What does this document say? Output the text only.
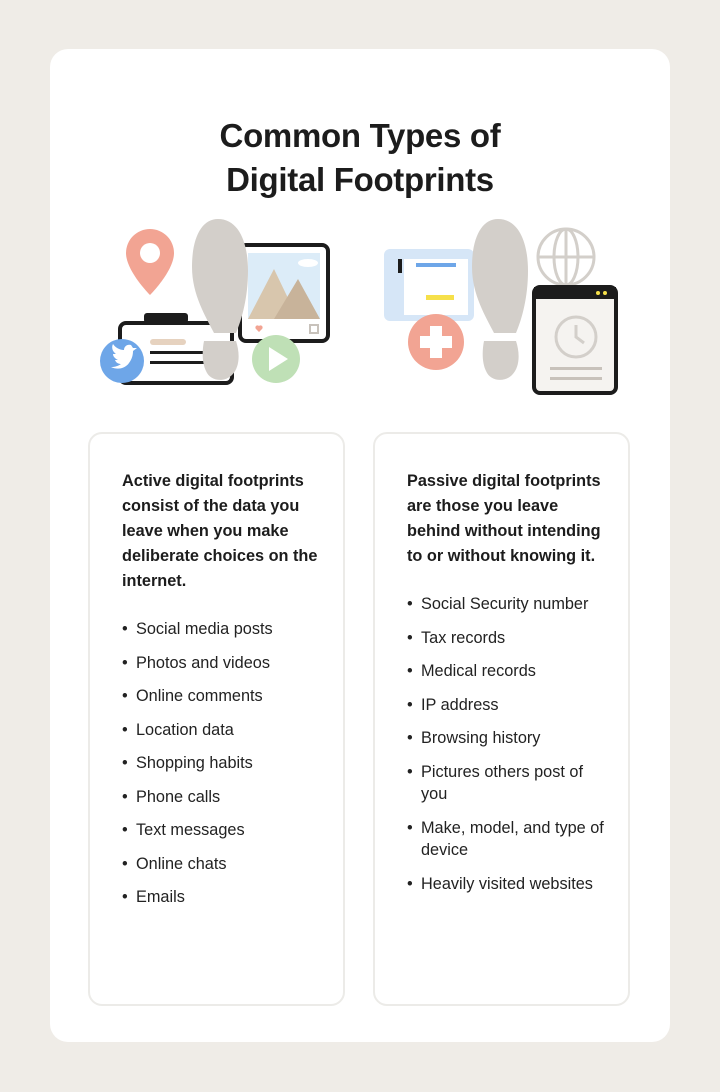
Common Types of
Digital Footprints

Active digital footprints consist of the data you leave when you make deliberate choices on the internet.

• Social media posts
• Photos and videos
• Online comments
• Location data
• Shopping habits
• Phone calls
• Text messages
• Online chats
• Emails

Passive digital footprints are those you leave behind without intending to or without knowing it.

• Social Security number
• Tax records
• Medical records
• IP address
• Browsing history
• Pictures others post of you
• Make, model, and type of device
• Heavily visited websites
